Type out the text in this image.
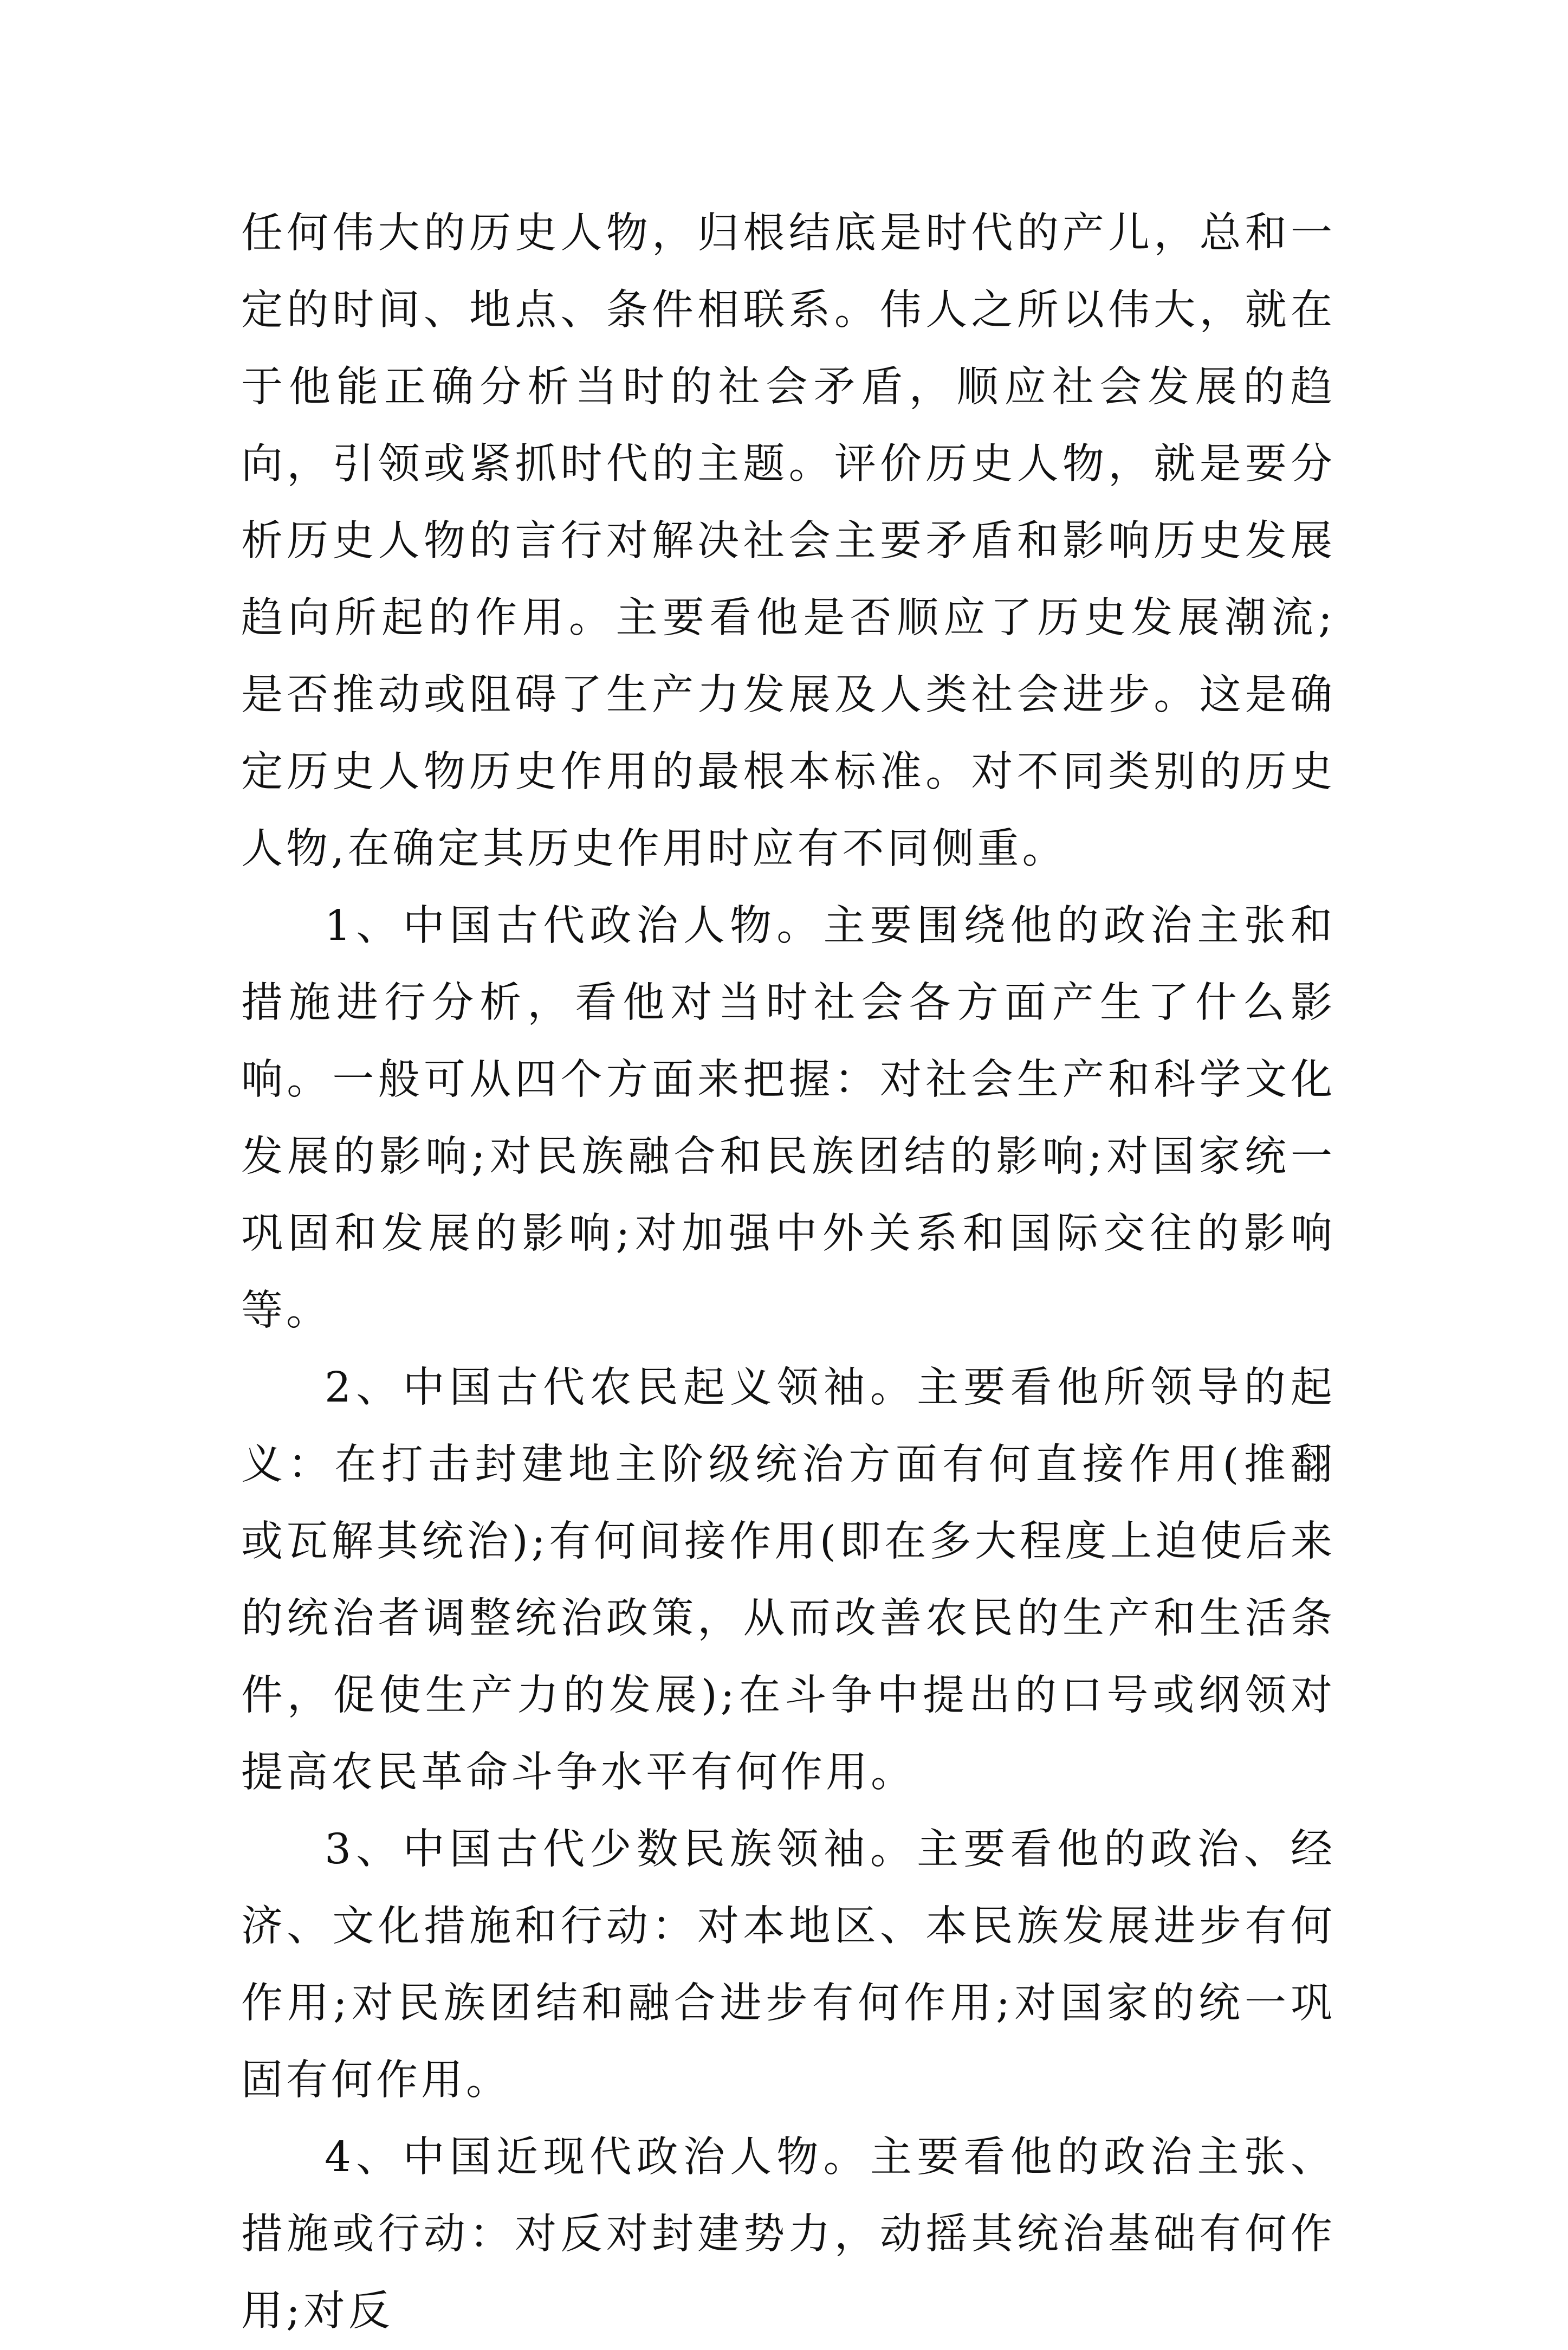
任何伟大的历史人物，归根结底是时代的产儿，总和一定的时间、地点、条件相联系。伟人之所以伟大，就在于他能正确分析当时的社会矛盾，顺应社会发展的趋向，引领或紧抓时代的主题。评价历史人物，就是要分析历史人物的言行对解决社会主要矛盾和影响历史发展趋向所起的作用。主要看他是否顺应了历史发展潮流;是否推动或阻碍了生产力发展及人类社会进步。这是确定历史人物历史作用的最根本标准。对不同类别的历史人物,在确定其历史作用时应有不同侧重。

1、中国古代政治人物。主要围绕他的政治主张和措施进行分析，看他对当时社会各方面产生了什么影响。一般可从四个方面来把握：对社会生产和科学文化发展的影响;对民族融合和民族团结的影响;对国家统一巩固和发展的影响;对加强中外关系和国际交往的影响等。

2、中国古代农民起义领袖。主要看他所领导的起义：在打击封建地主阶级统治方面有何直接作用(推翻或瓦解其统治);有何间接作用(即在多大程度上迫使后来的统治者调整统治政策，从而改善农民的生产和生活条件，促使生产力的发展);在斗争中提出的口号或纲领对提高农民革命斗争水平有何作用。

3、中国古代少数民族领袖。主要看他的政治、经济、文化措施和行动：对本地区、本民族发展进步有何作用;对民族团结和融合进步有何作用;对国家的统一巩固有何作用。

4、中国近现代政治人物。主要看他的政治主张、措施或行动：对反对封建势力，动摇其统治基础有何作用;对反
